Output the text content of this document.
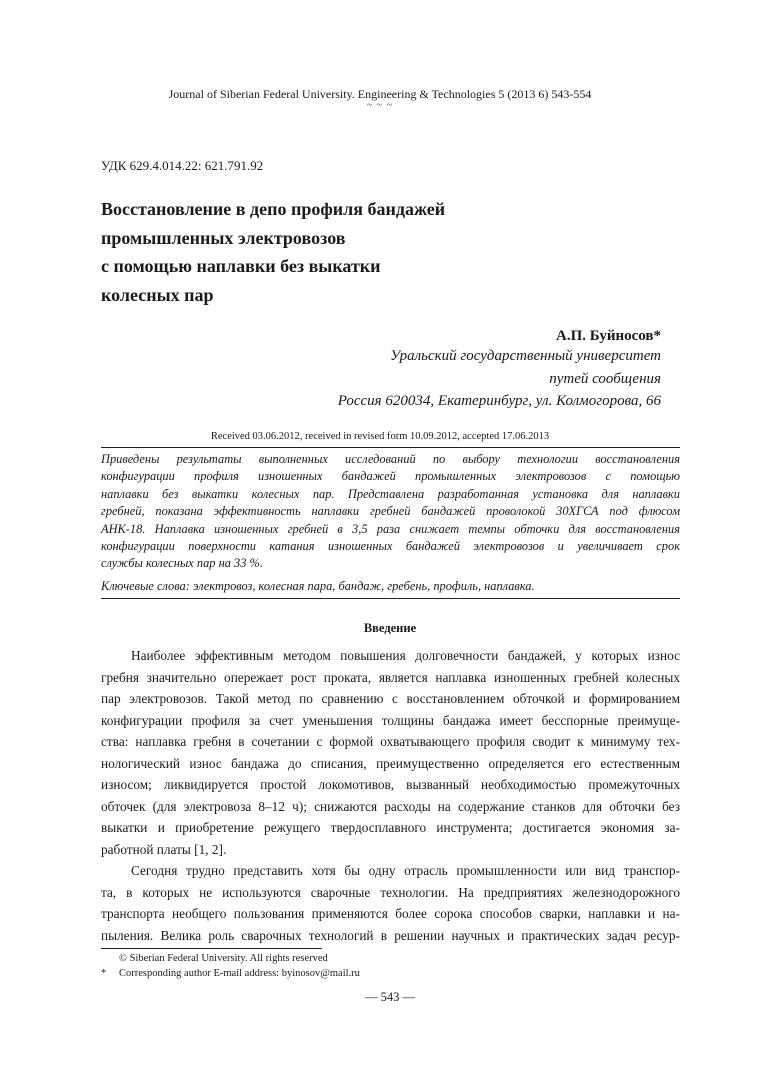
Journal of Siberian Federal University. Engineering & Technologies 5 (2013 6) 543-554
~ ~ ~
УДК 629.4.014.22: 621.791.92
Восстановление в депо профиля бандажей
промышленных электровозов
с помощью наплавки без выкатки
колесных пар
А.П. Буйносов*
Уральский государственный университет
путей сообщения
Россия 620034, Екатеринбург, ул. Колмогорова, 66
Received 03.06.2012, received in revised form 10.09.2012, accepted 17.06.2013
Приведены результаты выполненных исследований по выбору технологии восстановления
конфигурации профиля изношенных бандажей промышленных электровозов с помощью
наплавки без выкатки колесных пар. Представлена разработанная установка для наплавки
гребней, показана эффективность наплавки гребней бандажей проволокой 30ХГСА под флюсом
АНК-18. Наплавка изношенных гребней в 3,5 раза снижает темпы обточки для восстановления
конфигурации поверхности катания изношенных бандажей электровозов и увеличивает срок
службы колесных пар на 33 %.
Ключевые слова: электровоз, колесная пара, бандаж, гребень, профиль, наплавка.
Введение
Наиболее эффективным методом повышения долговечности бандажей, у которых износ
гребня значительно опережает рост проката, является наплавка изношенных гребней колесных
пар электровозов. Такой метод по сравнению с восстановлением обточкой и формированием
конфигурации профиля за счет уменьшения толщины бандажа имеет бесспорные преимуще-
ства: наплавка гребня в сочетании с формой охватывающего профиля сводит к минимуму тех-
нологический износ бандажа до списания, преимущественно определяется его естественным
износом; ликвидируется простой локомотивов, вызванный необходимостью промежуточных
обточек (для электровоза 8–12 ч); снижаются расходы на содержание станков для обточки без
выкатки и приобретение режущего твердосплавного инструмента; достигается экономия за-
работной платы [1, 2].
Сегодня трудно представить хотя бы одну отрасль промышленности или вид транспор-
та, в которых не используются сварочные технологии. На предприятиях железнодорожного
транспорта необщего пользования применяются более сорока способов сварки, наплавки и на-
пыления. Велика роль сварочных технологий в решении научных и практических задач ресур-
© Siberian Federal University. All rights reserved
*	Corresponding author E-mail address: byinosov@mail.ru
— 543 —
